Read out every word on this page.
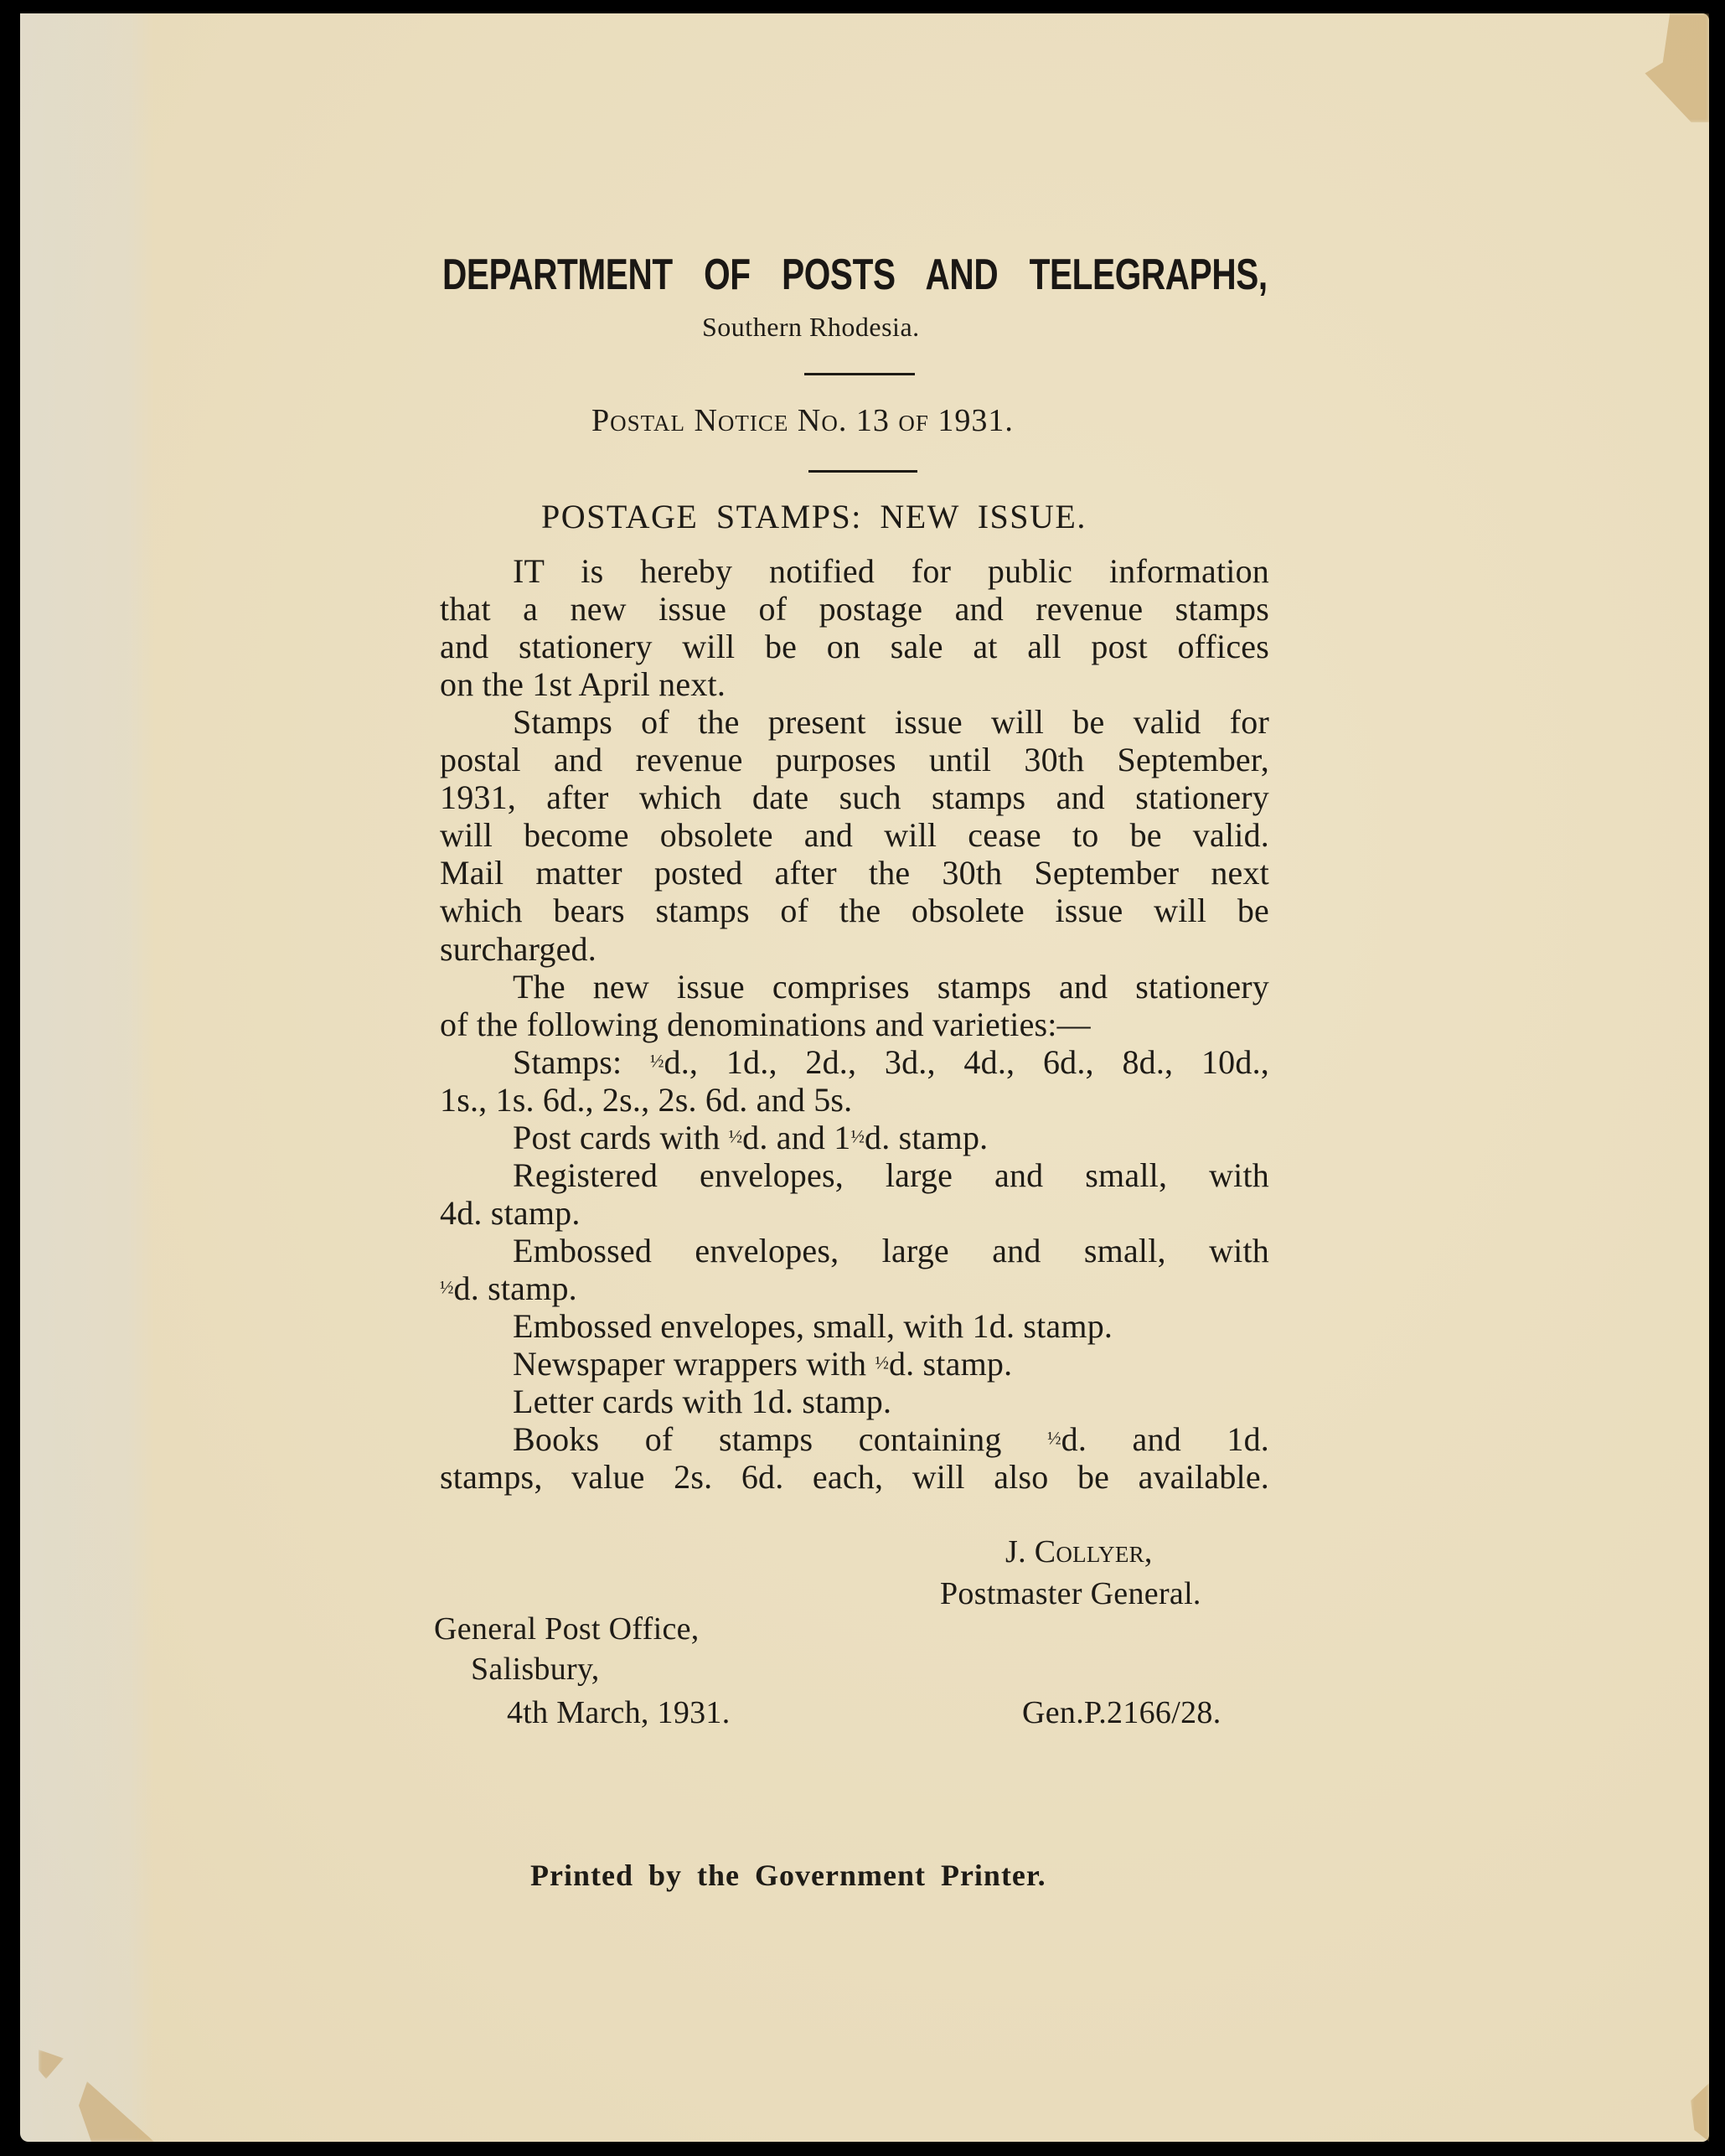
DEPARTMENT OF POSTS AND TELEGRAPHS,
Southern Rhodesia.
Postal Notice No. 13 of 1931.
POSTAGE STAMPS: NEW ISSUE.
IT is hereby notified for public information
that a new issue of postage and revenue stamps
and stationery will be on sale at all post offices
on the 1st April next.
Stamps of the present issue will be valid for
postal and revenue purposes until 30th September,
1931, after which date such stamps and stationery
will become obsolete and will cease to be valid.
Mail matter posted after the 30th September next
which bears stamps of the obsolete issue will be
surcharged.
The new issue comprises stamps and stationery
of the following denominations and varieties:—
Stamps: ½d., 1d., 2d., 3d., 4d., 6d., 8d., 10d.,
1s., 1s. 6d., 2s., 2s. 6d. and 5s.
Post cards with ½d. and 1½d. stamp.
Registered envelopes, large and small, with
4d. stamp.
Embossed envelopes, large and small, with
½d. stamp.
Embossed envelopes, small, with 1d. stamp.
Newspaper wrappers with ½d. stamp.
Letter cards with 1d. stamp.
Books of stamps containing ½d. and 1d.
stamps, value 2s. 6d. each, will also be available.
J. Collyer,
Postmaster General.
General Post Office,
Salisbury,
4th March, 1931.	Gen.P.2166/28.
Printed by the Government Printer.
